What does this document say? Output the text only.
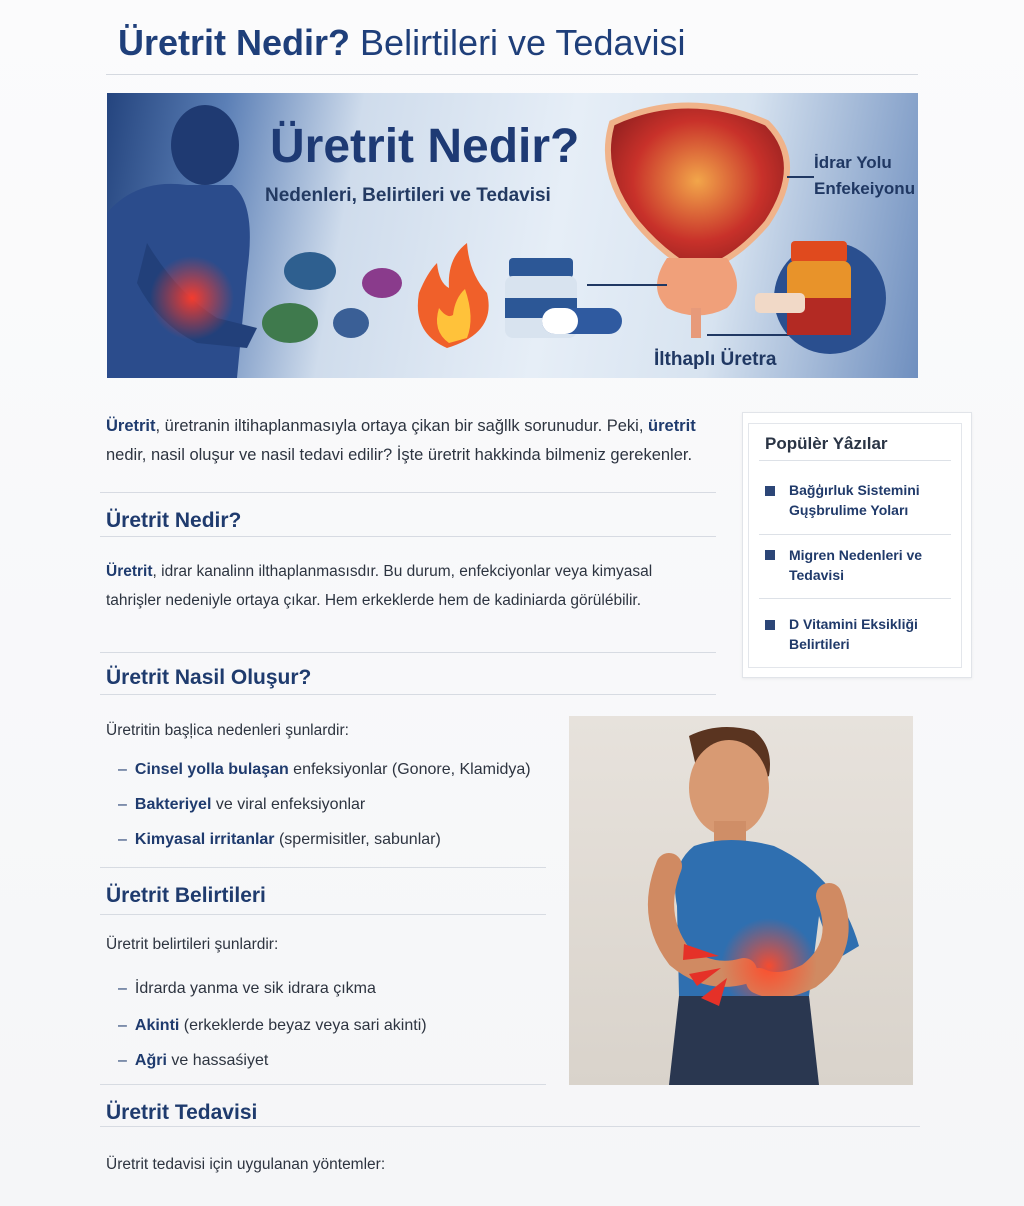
Üretrit Nedir? Belirtileri ve Tedavisi
Üretrit Nedir?
Nedenleri, Belirtileri ve Tedavisi
İdrar Yolu Enfekeiyonu
İlthaplı Üretra
Üretrit, üretranin iltihaplanmasıyla ortaya çikan bir sağllk sorunudur. Peki, üretrit nedir, nasil oluşur ve nasil tedavi edilir? İşte üretrit hakkinda bilmeniz gerekenler.
Üretrit Nedir?
Üretrit, idrar kanalinn ilthaplanmasısdır. Bu durum, enfekciyonlar veya kimyasal tahrişler nedeniyle ortaya çıkar. Hem erkeklerde hem de kadiniarda görülébilir.
Üretrit Nasil Oluşur?
Üretritin başļica nedenleri şunlardir:
– Cinsel yolla bulaşan enfeksiyonlar (Gonore, Klamidya)
– Bakteriyel ve viral enfeksiyonlar
– Kimyasal irritanlar (spermisitler, sabunlar)
Üretrit Belirtileri
Üretrit belirtileri şunlardir:
– İdrarda yanma ve sik idrara çıkma
– Akinti (erkeklerde beyaz veya sari akinti)
– Ağri ve hassaśiyet
Üretrit Tedavisi
Üretrit tedavisi için uygulanan yöntemler:
Popülèr Yâzılar
Bağģırluk Sistemini Gųşbrulime Yoları
Migren Nedenleri ve Tedavisi
D Vitamini Eksikliği Belirtileri
